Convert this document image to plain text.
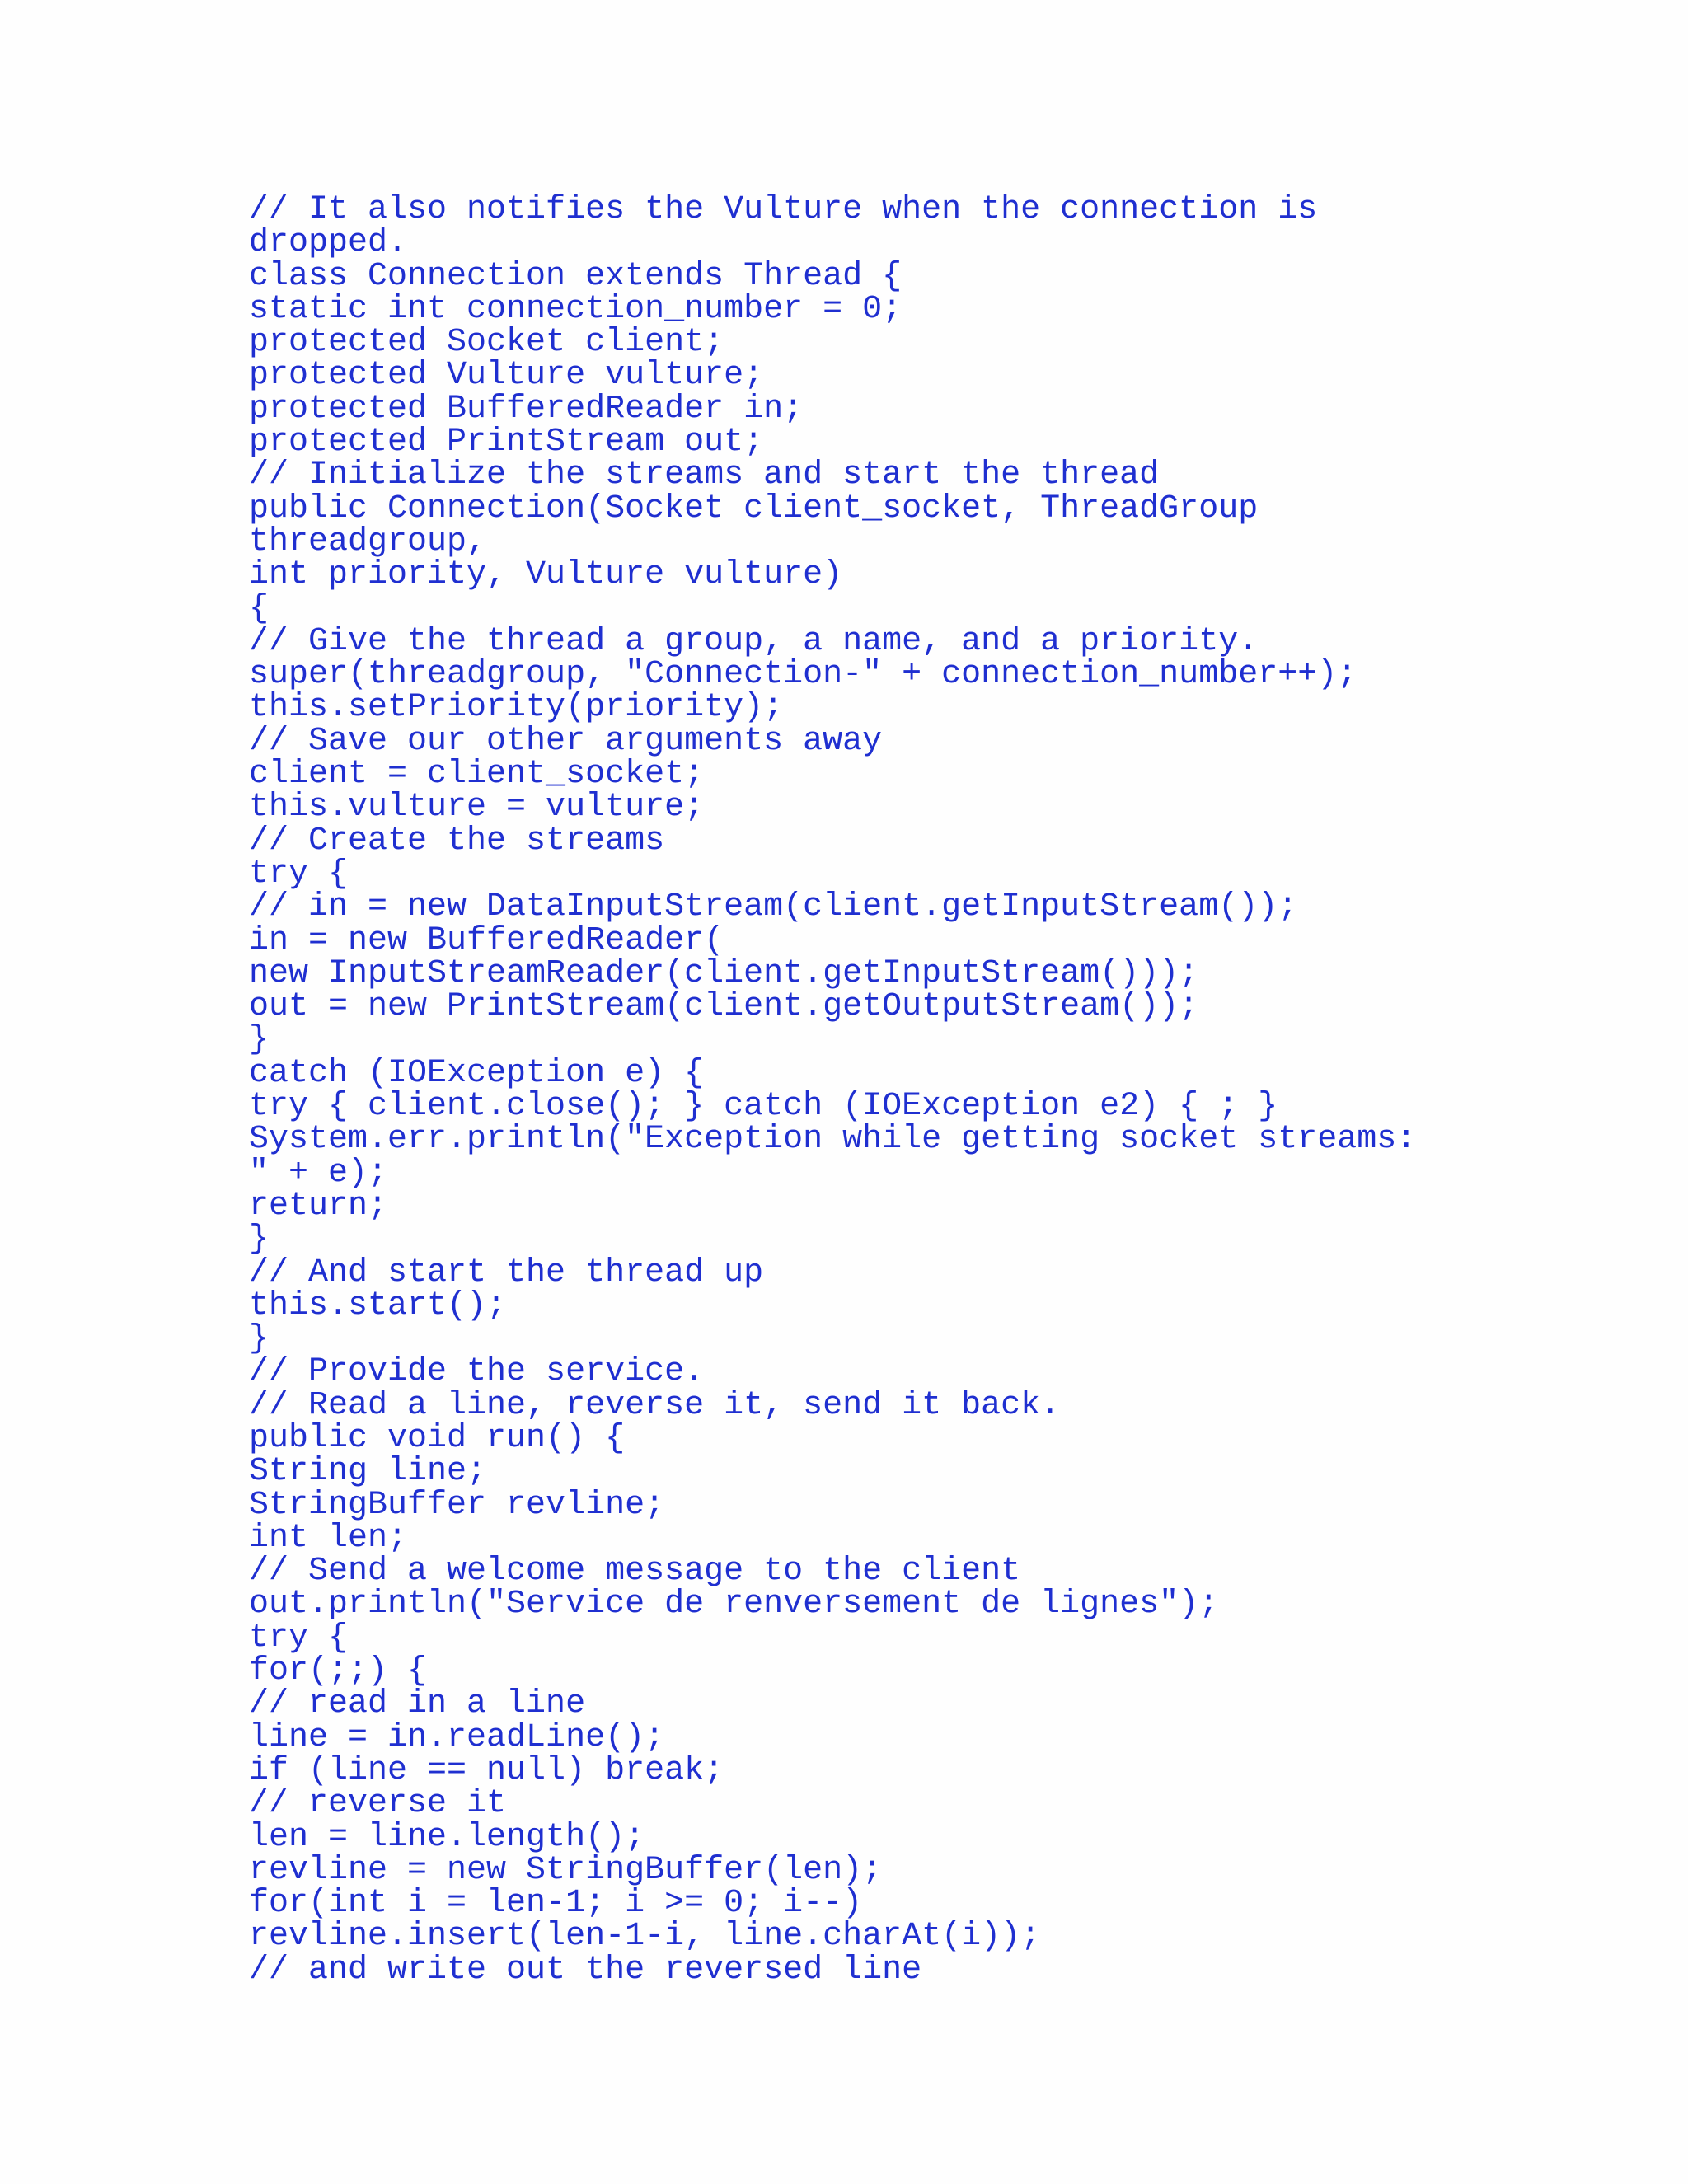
// It also notifies the Vulture when the connection is
dropped.
class Connection extends Thread {
static int connection_number = 0;
protected Socket client;
protected Vulture vulture;
protected BufferedReader in;
protected PrintStream out;
// Initialize the streams and start the thread
public Connection(Socket client_socket, ThreadGroup
threadgroup,
int priority, Vulture vulture)
{
// Give the thread a group, a name, and a priority.
super(threadgroup, "Connection-" + connection_number++);
this.setPriority(priority);
// Save our other arguments away
client = client_socket;
this.vulture = vulture;
// Create the streams
try {
// in = new DataInputStream(client.getInputStream());
in = new BufferedReader(
new InputStreamReader(client.getInputStream()));
out = new PrintStream(client.getOutputStream());
}
catch (IOException e) {
try { client.close(); } catch (IOException e2) { ; }
System.err.println("Exception while getting socket streams:
" + e);
return;
}
// And start the thread up
this.start();
}
// Provide the service.
// Read a line, reverse it, send it back.
public void run() {
String line;
StringBuffer revline;
int len;
// Send a welcome message to the client
out.println("Service de renversement de lignes");
try {
for(;;) {
// read in a line
line = in.readLine();
if (line == null) break;
// reverse it
len = line.length();
revline = new StringBuffer(len);
for(int i = len-1; i >= 0; i--)
revline.insert(len-1-i, line.charAt(i));
// and write out the reversed line
